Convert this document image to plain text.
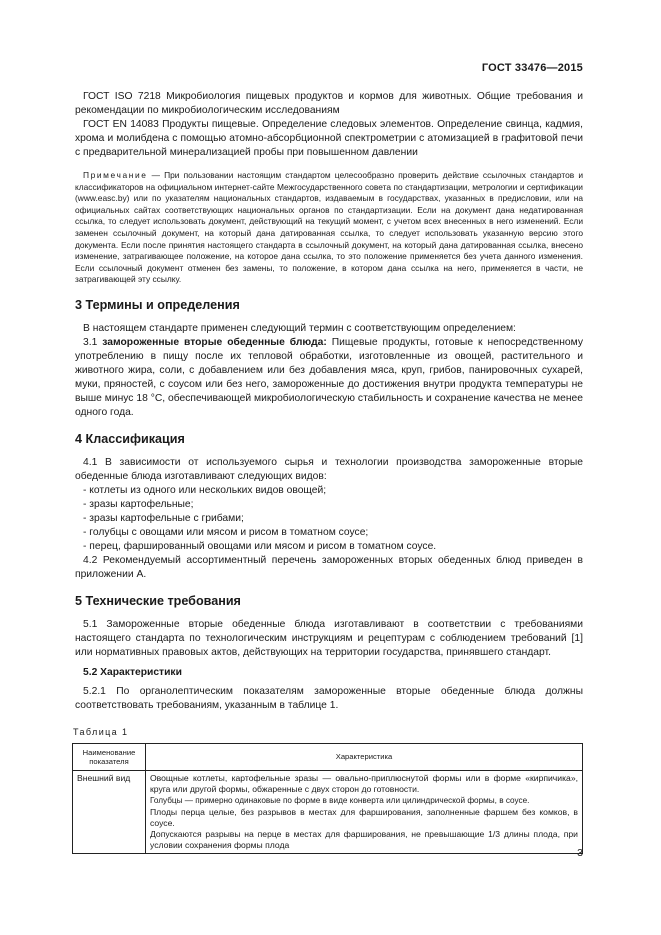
ГОСТ 33476—2015

ГОСТ ISO 7218 Микробиология пищевых продуктов и кормов для животных. Общие требования и рекомендации по микробиологическим исследованиям

ГОСТ EN 14083 Продукты пищевые. Определение следовых элементов. Определение свинца, кадмия, хрома и молибдена с помощью атомно-абсорбционной спектрометрии с атомизацией в графитовой печи с предварительной минерализацией пробы при повышенном давлении

Примечание — При пользовании настоящим стандартом целесообразно проверить действие ссылочных стандартов и классификаторов на официальном интернет-сайте Межгосударственного совета по стандартизации, метрологии и сертификации (www.easc.by) или по указателям национальных стандартов, издаваемым в государствах, указанных в предисловии, или на официальных сайтах соответствующих национальных органов по стандартизации. Если на документ дана недатированная ссылка, то следует использовать документ, действующий на текущий момент, с учетом всех внесенных в него изменений. Если заменен ссылочный документ, на который дана датированная ссылка, то следует использовать указанную версию этого документа. Если после принятия настоящего стандарта в ссылочный документ, на который дана датированная ссылка, внесено изменение, затрагивающее положение, на которое дана ссылка, то это положение применяется без учета данного изменения. Если ссылочный документ отменен без замены, то положение, в котором дана ссылка на него, применяется в части, не затрагивающей эту ссылку.

3 Термины и определения

В настоящем стандарте применен следующий термин с соответствующим определением:

3.1 замороженные вторые обеденные блюда: Пищевые продукты, готовые к непосредственному употреблению в пищу после их тепловой обработки, изготовленные из овощей, растительного и животного жира, соли, с добавлением или без добавления мяса, круп, грибов, панировочных сухарей, муки, пряностей, с соусом или без него, замороженные до достижения внутри продукта температуры не выше минус 18 °С, обеспечивающей микробиологическую стабильность и сохранение качества не менее одного года.

4 Классификация

4.1 В зависимости от используемого сырья и технологии производства замороженные вторые обеденные блюда изготавливают следующих видов:

- котлеты из одного или нескольких видов овощей;

- зразы картофельные;

- зразы картофельные с грибами;

- голубцы с овощами или мясом и рисом в томатном соусе;

- перец, фаршированный овощами или мясом и рисом в томатном соусе.

4.2 Рекомендуемый ассортиментный перечень замороженных вторых обеденных блюд приведен в приложении А.

5 Технические требования

5.1 Замороженные вторые обеденные блюда изготавливают в соответствии с требованиями настоящего стандарта по технологическим инструкциям и рецептурам с соблюдением требований [1] или нормативных правовых актов, действующих на территории государства, принявшего стандарт.

5.2 Характеристики

5.2.1 По органолептическим показателям замороженные вторые обеденные блюда должны соответствовать требованиям, указанным в таблице 1.

Таблица 1
Наименование показателя	Характеристика
Внешний вид	Овощные котлеты, картофельные зразы — овально-приплюснутой формы или в форме «кирпичика», круга или другой формы, обжаренные с двух сторон до готовности.

Голубцы — примерно одинаковые по форме в виде конверта или цилиндрической формы, в соусе.

Плоды перца целые, без разрывов в местах для фарширования, заполненные фаршем без комков, в соусе.

Допускаются разрывы на перце в местах для фарширования, не превышающие 1/3 длины плода, при условии сохранения формы плода

3
